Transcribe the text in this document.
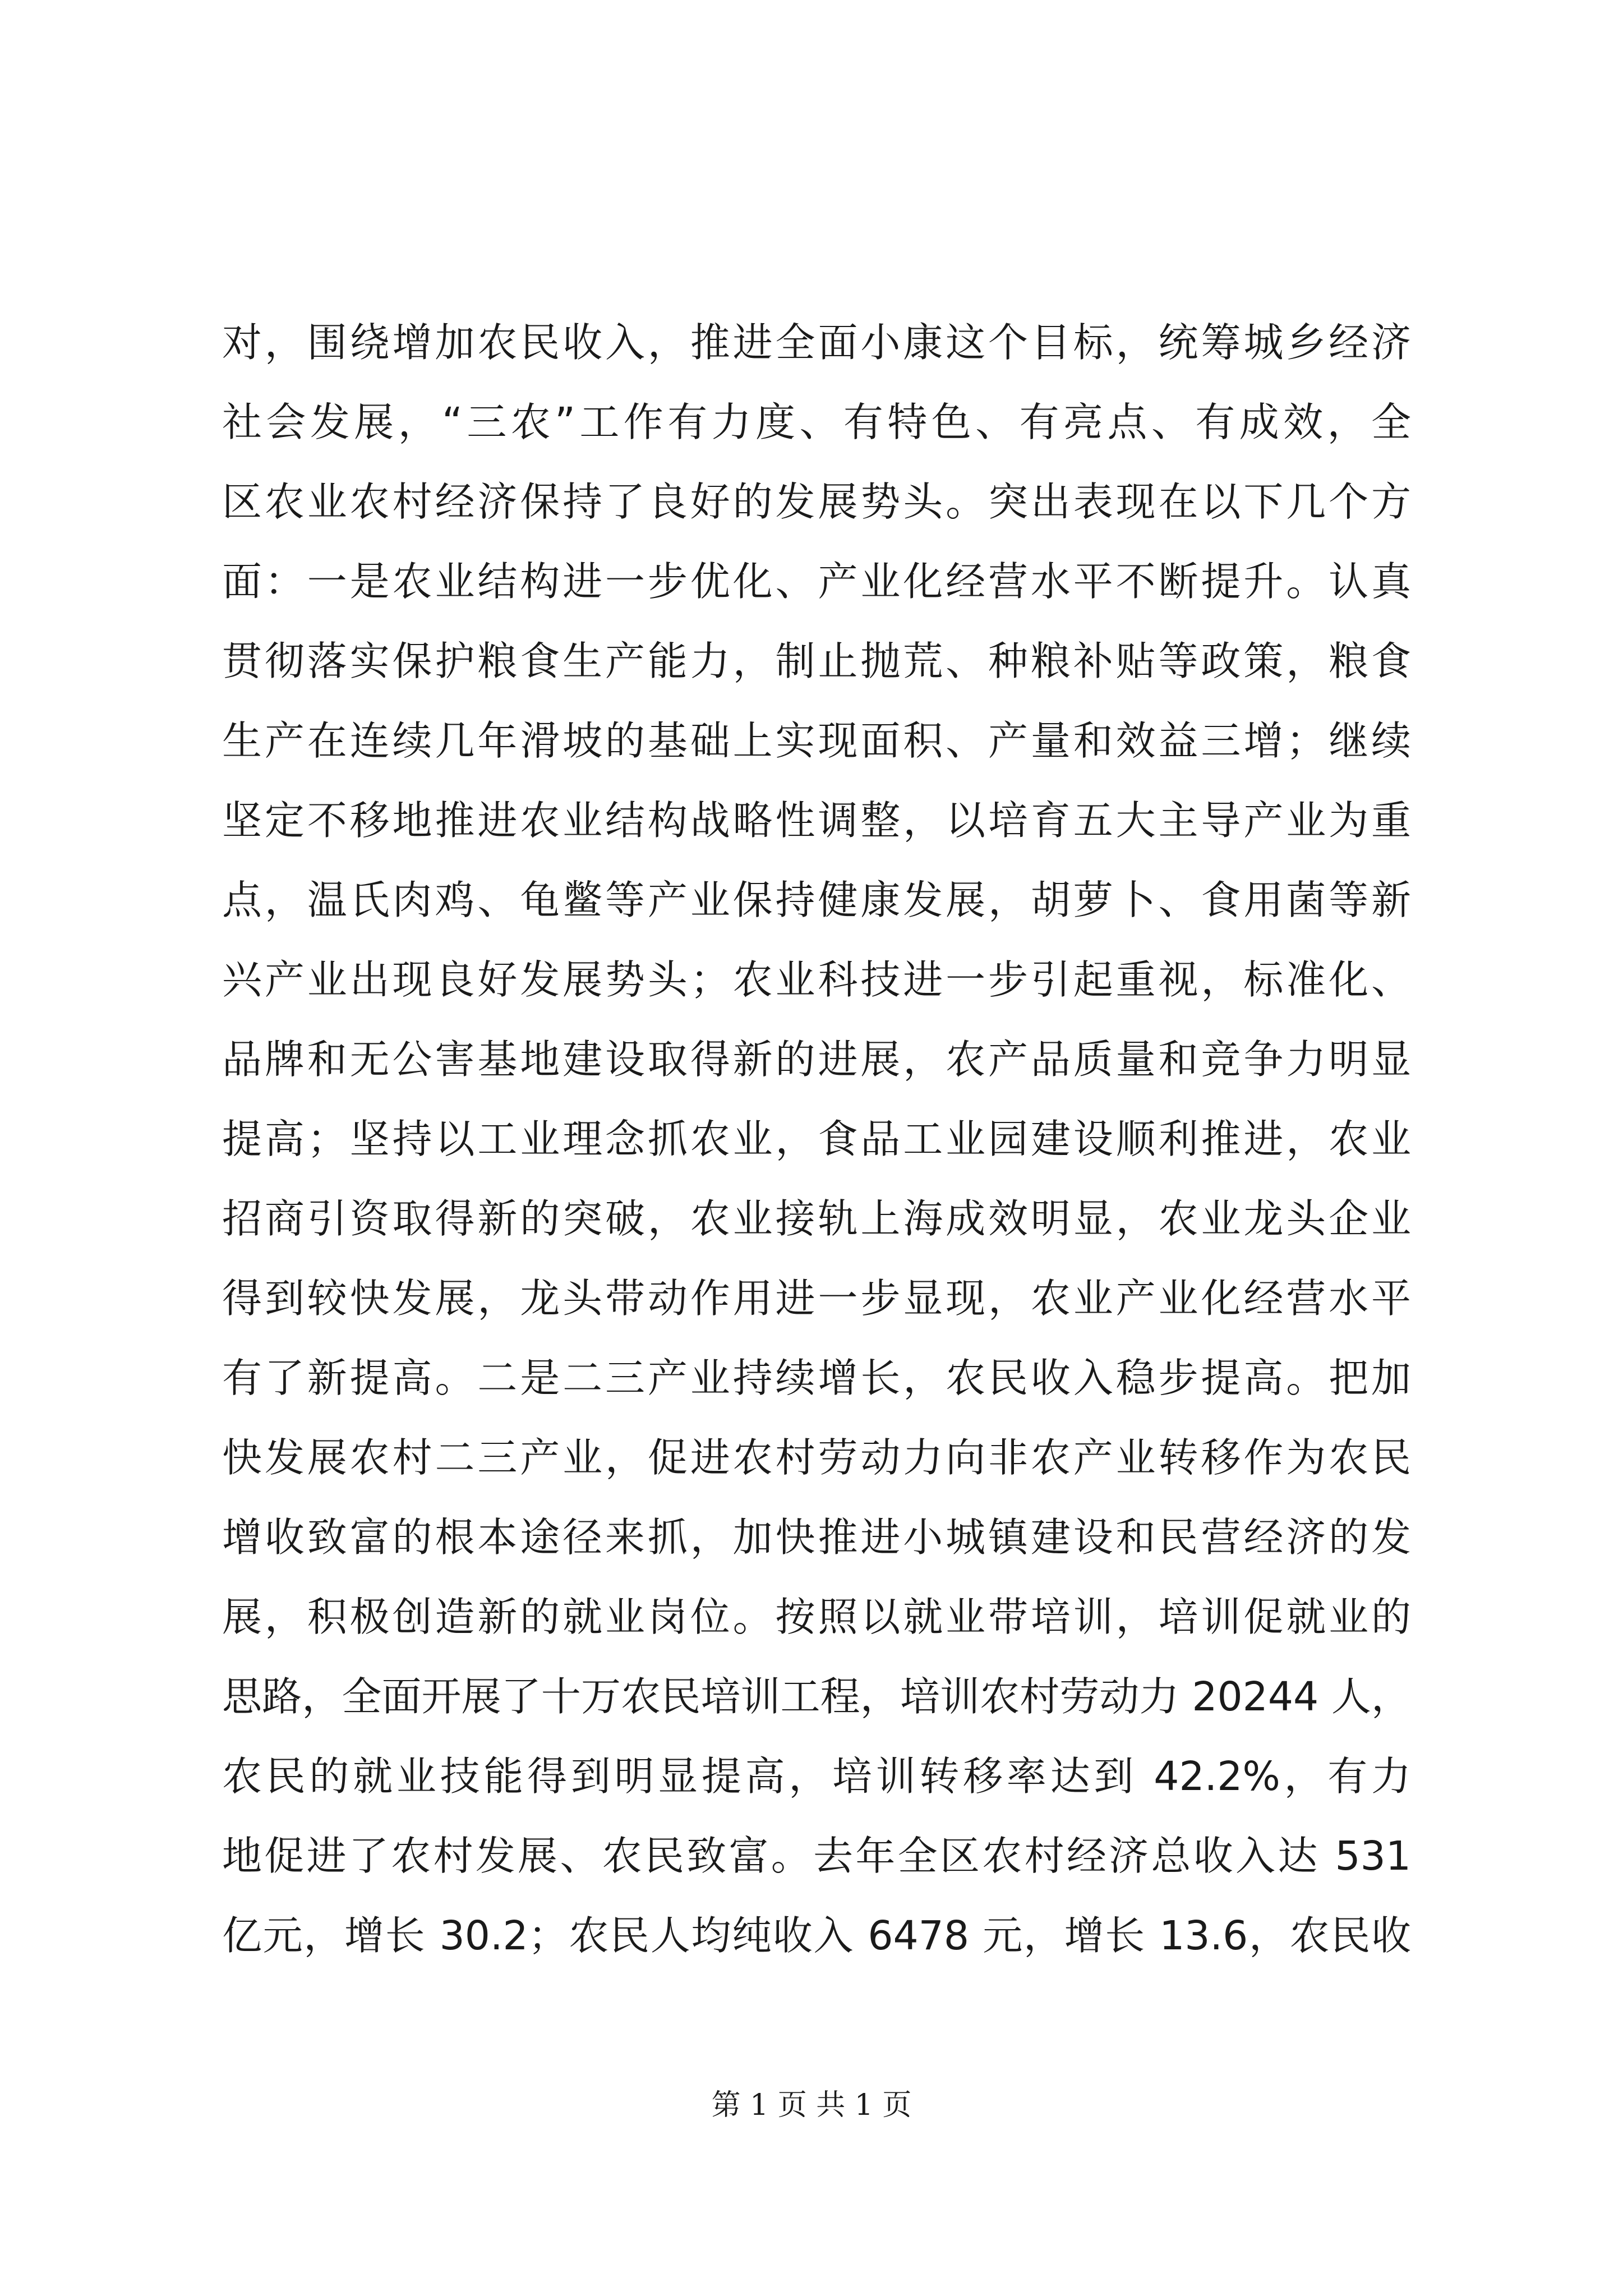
对，围绕增加农民收入，推进全面小康这个目标，统筹城乡经济
社会发展，“三农”工作有力度、有特色、有亮点、有成效，全
区农业农村经济保持了良好的发展势头。突出表现在以下几个方
面：一是农业结构进一步优化、产业化经营水平不断提升。认真
贯彻落实保护粮食生产能力，制止抛荒、种粮补贴等政策，粮食
生产在连续几年滑坡的基础上实现面积、产量和效益三增；继续
坚定不移地推进农业结构战略性调整，以培育五大主导产业为重
点，温氏肉鸡、龟鳖等产业保持健康发展，胡萝卜、食用菌等新
兴产业出现良好发展势头；农业科技进一步引起重视，标准化、
品牌和无公害基地建设取得新的进展，农产品质量和竞争力明显
提高；坚持以工业理念抓农业，食品工业园建设顺利推进，农业
招商引资取得新的突破，农业接轨上海成效明显，农业龙头企业
得到较快发展，龙头带动作用进一步显现，农业产业化经营水平
有了新提高。二是二三产业持续增长，农民收入稳步提高。把加
快发展农村二三产业，促进农村劳动力向非农产业转移作为农民
增收致富的根本途径来抓，加快推进小城镇建设和民营经济的发
展，积极创造新的就业岗位。按照以就业带培训，培训促就业的
思路，全面开展了十万农民培训工程，培训农村劳动力 20244 人，
农民的就业技能得到明显提高，培训转移率达到 42.2%，有力
地促进了农村发展、农民致富。去年全区农村经济总收入达 531
亿元，增长 30.2；农民人均纯收入 6478 元，增长 13.6，农民收
第 1 页 共 1 页
